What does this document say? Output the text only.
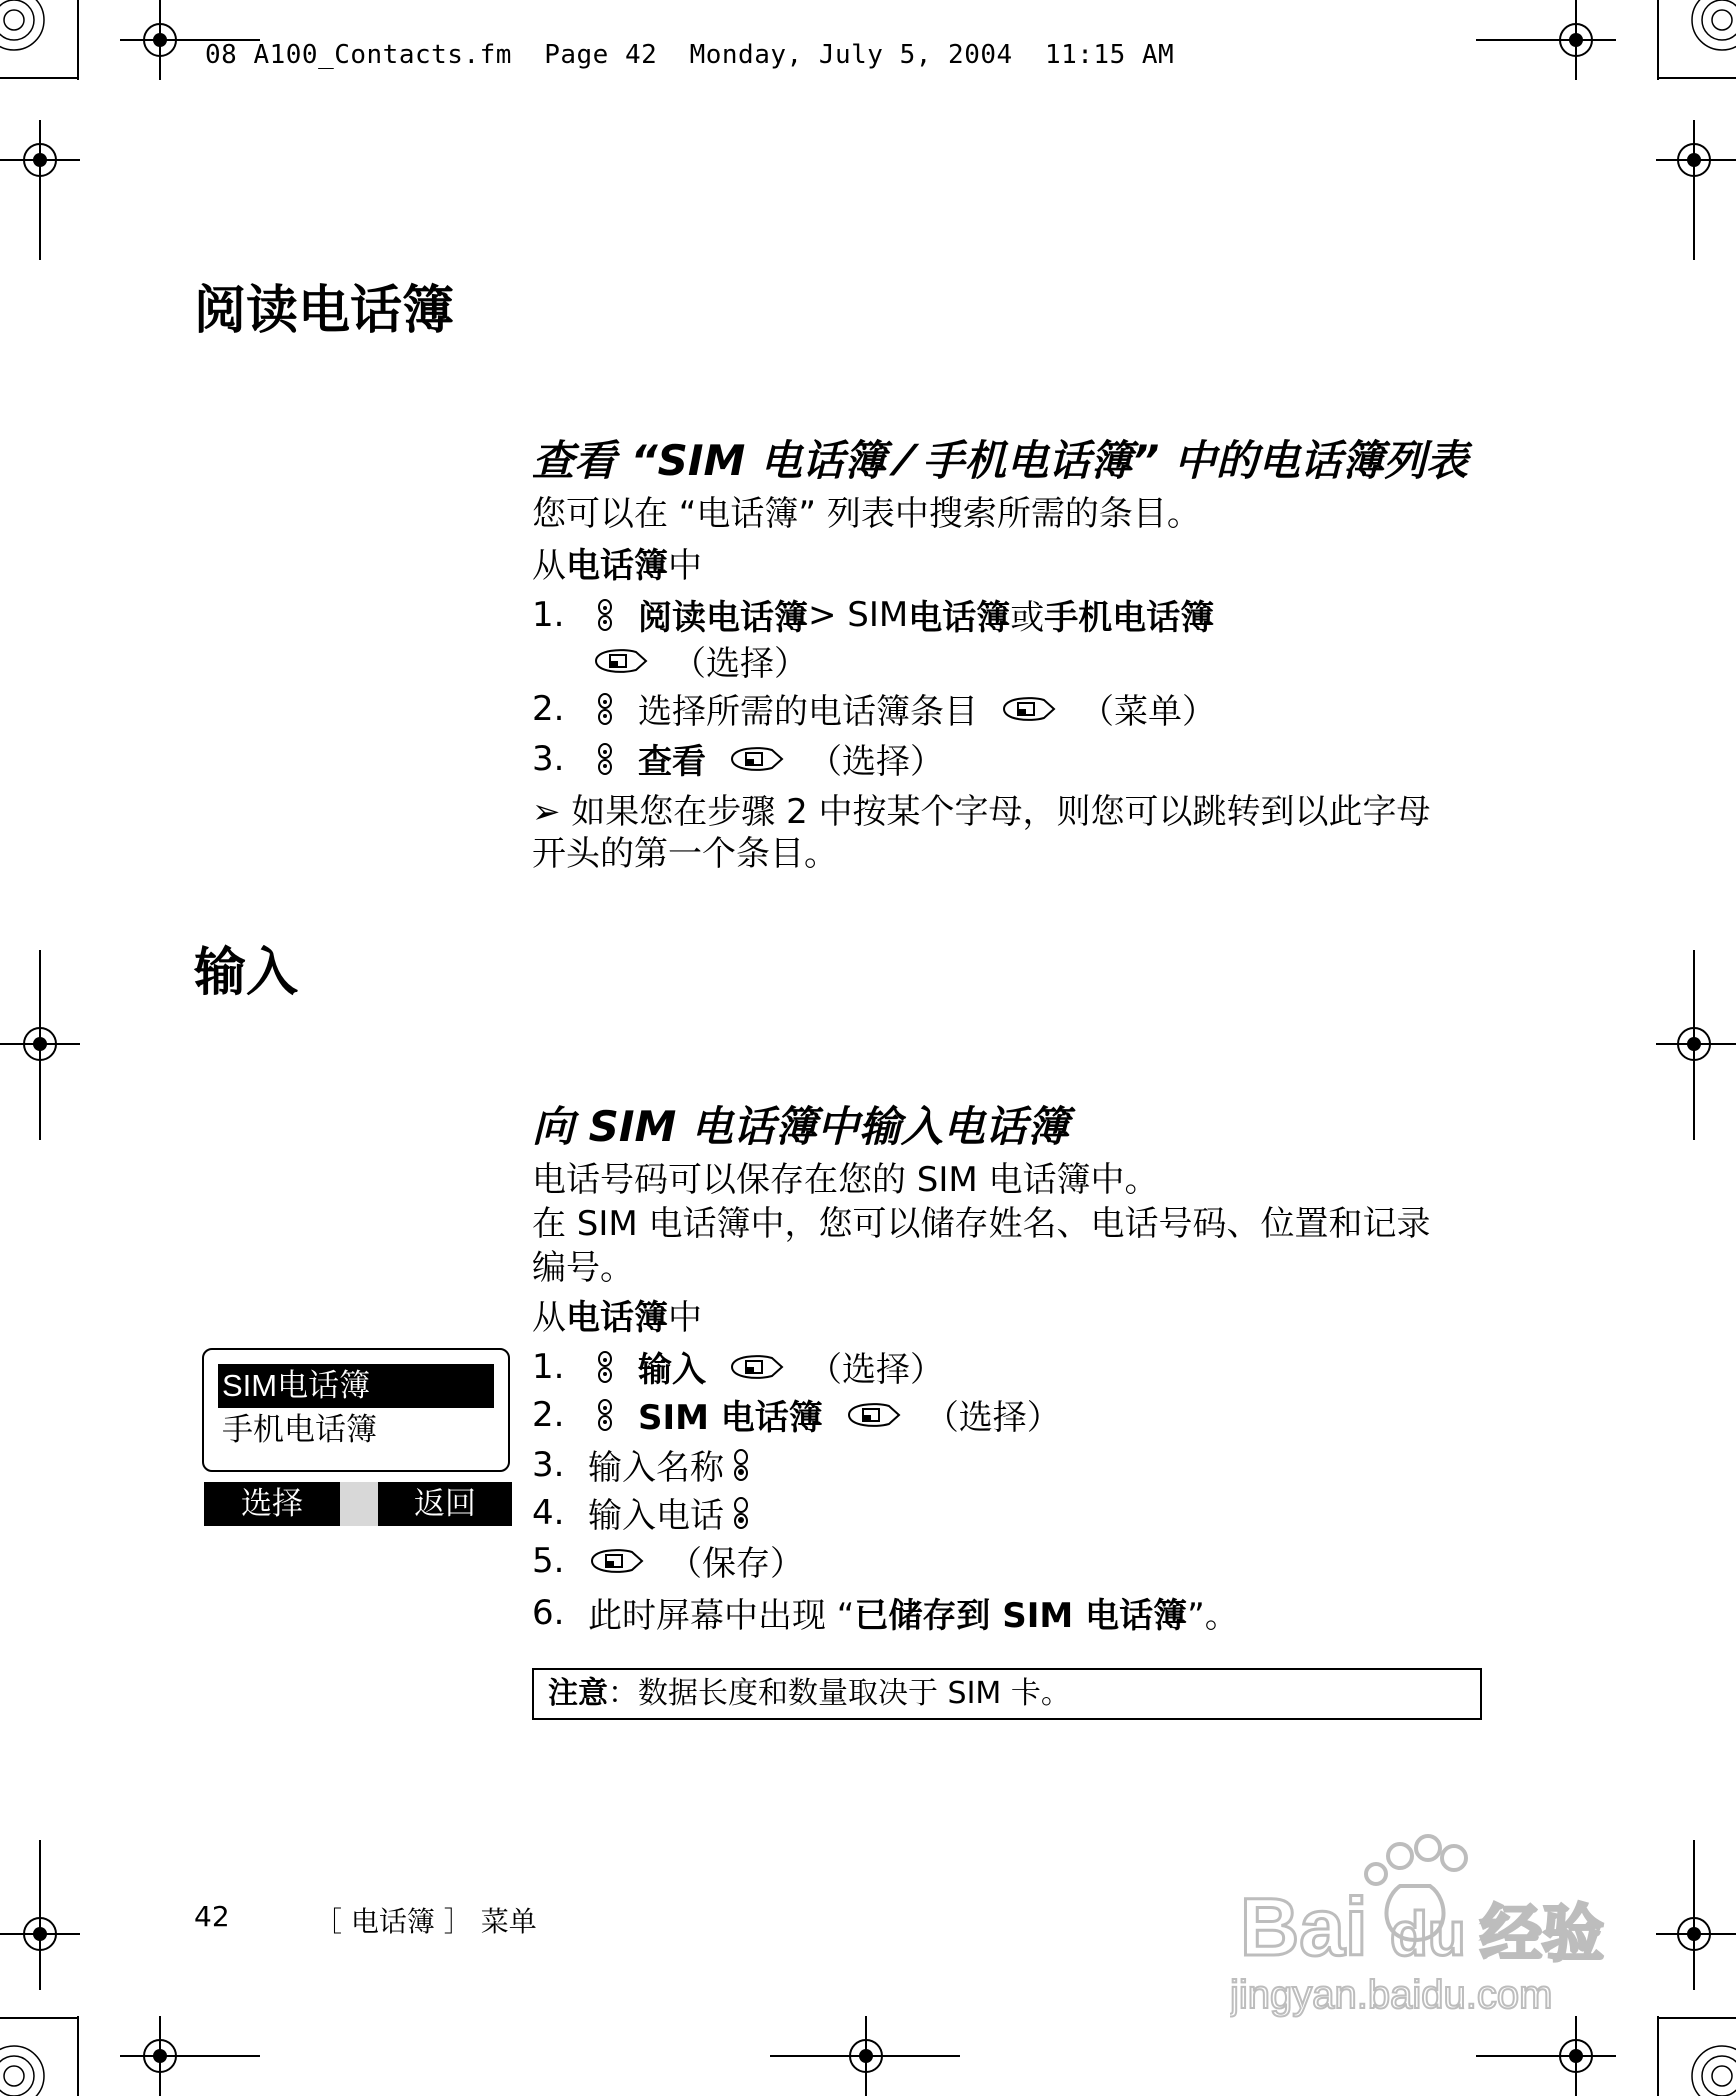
08 A100_Contacts.fm  Page 42  Monday, July 5, 2004  11:15 AM
阅读电话簿
查看 “SIM 电话簿 ⁄ 手机电话簿” 中的电话簿列表
您可以在 “电话簿” 列表中搜索所需的条目。
从电话簿中
1.	阅读电话簿 > SIM 电话簿 或 手机电话簿
（选择）
2.	选择所需的电话簿条目	（菜单）
3.	查看	（选择）
➢ 如果您在步骤 2 中按某个字母，则您可以跳转到以此字母
开头的第一个条目。
输入
向 SIM 电话簿中输入电话簿
电话号码可以保存在您的 SIM 电话簿中。
在 SIM 电话簿中，您可以储存姓名、电话号码、位置和记录
编号。
从电话簿中
1.	输入	（选择）
2.	SIM 电话簿	（选择）
3. 输入名称
4. 输入电话
5.	（保存）
6. 此时屏幕中出现 “ 已储存到 SIM 电话簿 ”。
注意：数据长度和数量取决于 SIM 卡。
SIM电话簿
手机电话簿
选择	返回
42	［ 电话簿 ］ 菜单	Bai du 经验
jingyan.baidu.com
